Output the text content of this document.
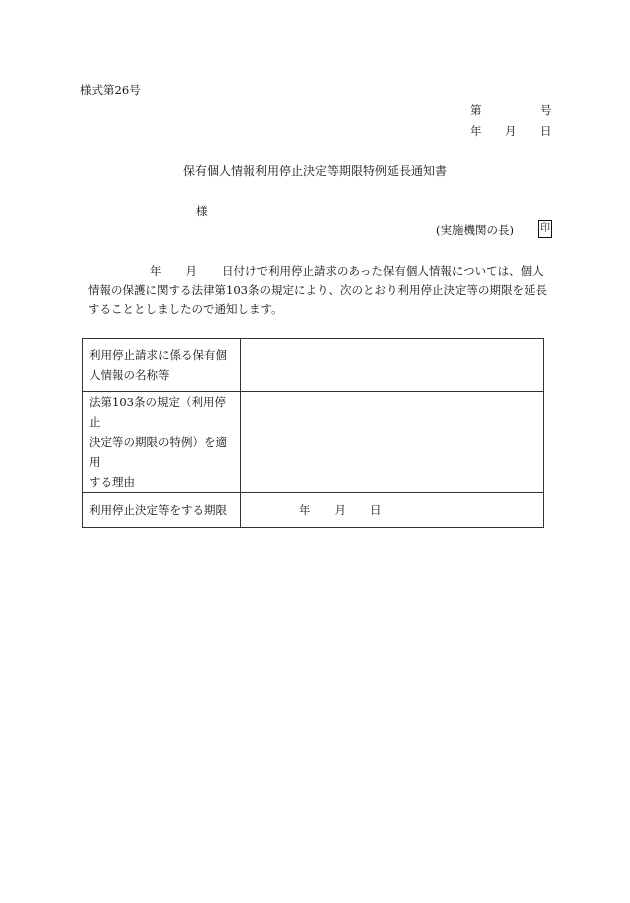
様式第26号
第	号
年 月 日
保有個人情報利用停止決定等期限特例延長通知書
様
(実施機関の長)	印
年 月 日付けで利用停止請求のあった保有個人情報については、個人
情報の保護に関する法律第103条の規定により、次のとおり利用停止決定等の期限を延長
することとしましたので通知します。
利用停止請求に係る保有個
人情報の名称等	

法第103条の規定（利用停止
決定等の期限の特例）を適用
する理由	

利用停止決定等をする期限	年 月 日
